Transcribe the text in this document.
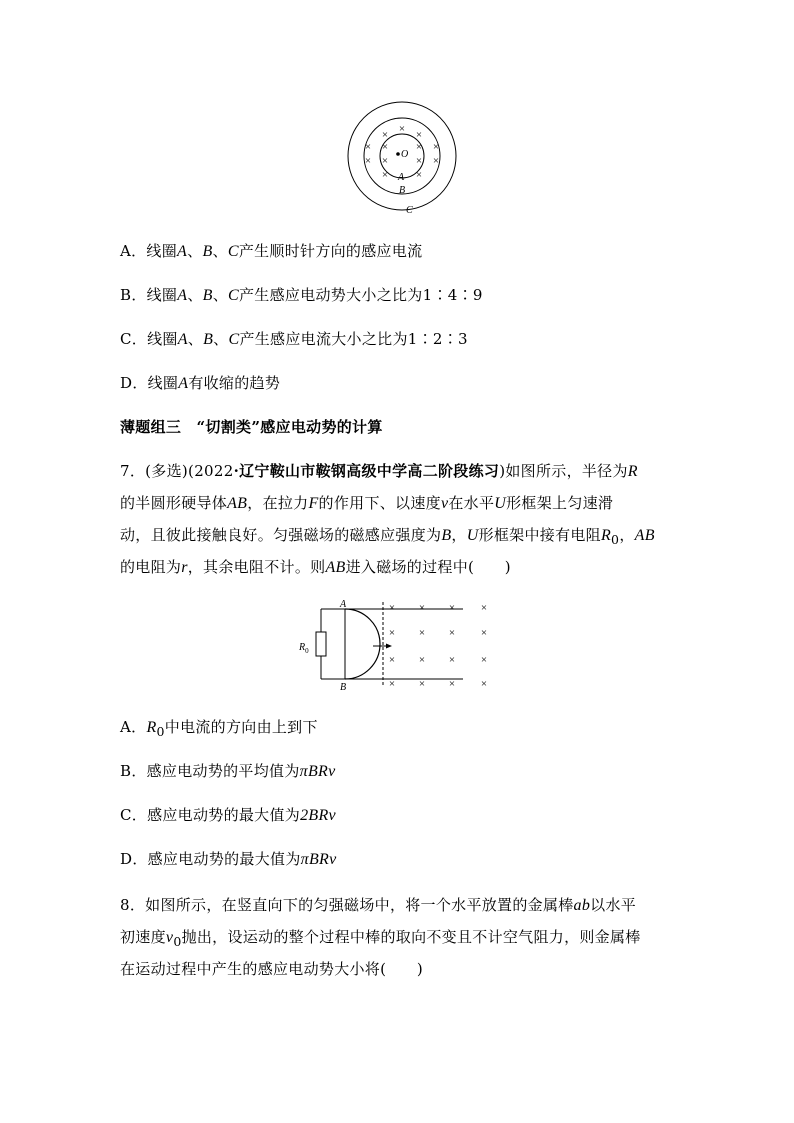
× × ×
× ×	× ×
× ×	× ×
×	×
O
A
B
C

A．线圈A、B、C产生顺时针方向的感应电流

B．线圈A、B、C产生感应电动势大小之比为1∶4∶9

C．线圈A、B、C产生感应电流大小之比为1∶2∶3

D．线圈A有收缩的趋势

薄题组三　“切割类”感应电动势的计算

7．(多选)(2022·辽宁鞍山市鞍钢高级中学高二阶段练习)如图所示，半径为R

的半圆形硬导体AB，在拉力F的作用下、以速度v在水平U形框架上匀速滑

动，且彼此接触良好。匀强磁场的磁感应强度为B，U形框架中接有电阻$R_0$，AB

的电阻为r，其余电阻不计。则AB进入磁场的过程中(　　)

$R_0$
A
B
× × × ×
× × × ×
× × × ×
× × × ×

A．$R_0$中电流的方向由上到下

B．感应电动势的平均值为πBRv

C．感应电动势的最大值为2BRv

D．感应电动势的最大值为πBRv

8．如图所示，在竖直向下的匀强磁场中，将一个水平放置的金属棒ab以水平

初速度$v_0$抛出，设运动的整个过程中棒的取向不变且不计空气阻力，则金属棒

在运动过程中产生的感应电动势大小将(　　)
